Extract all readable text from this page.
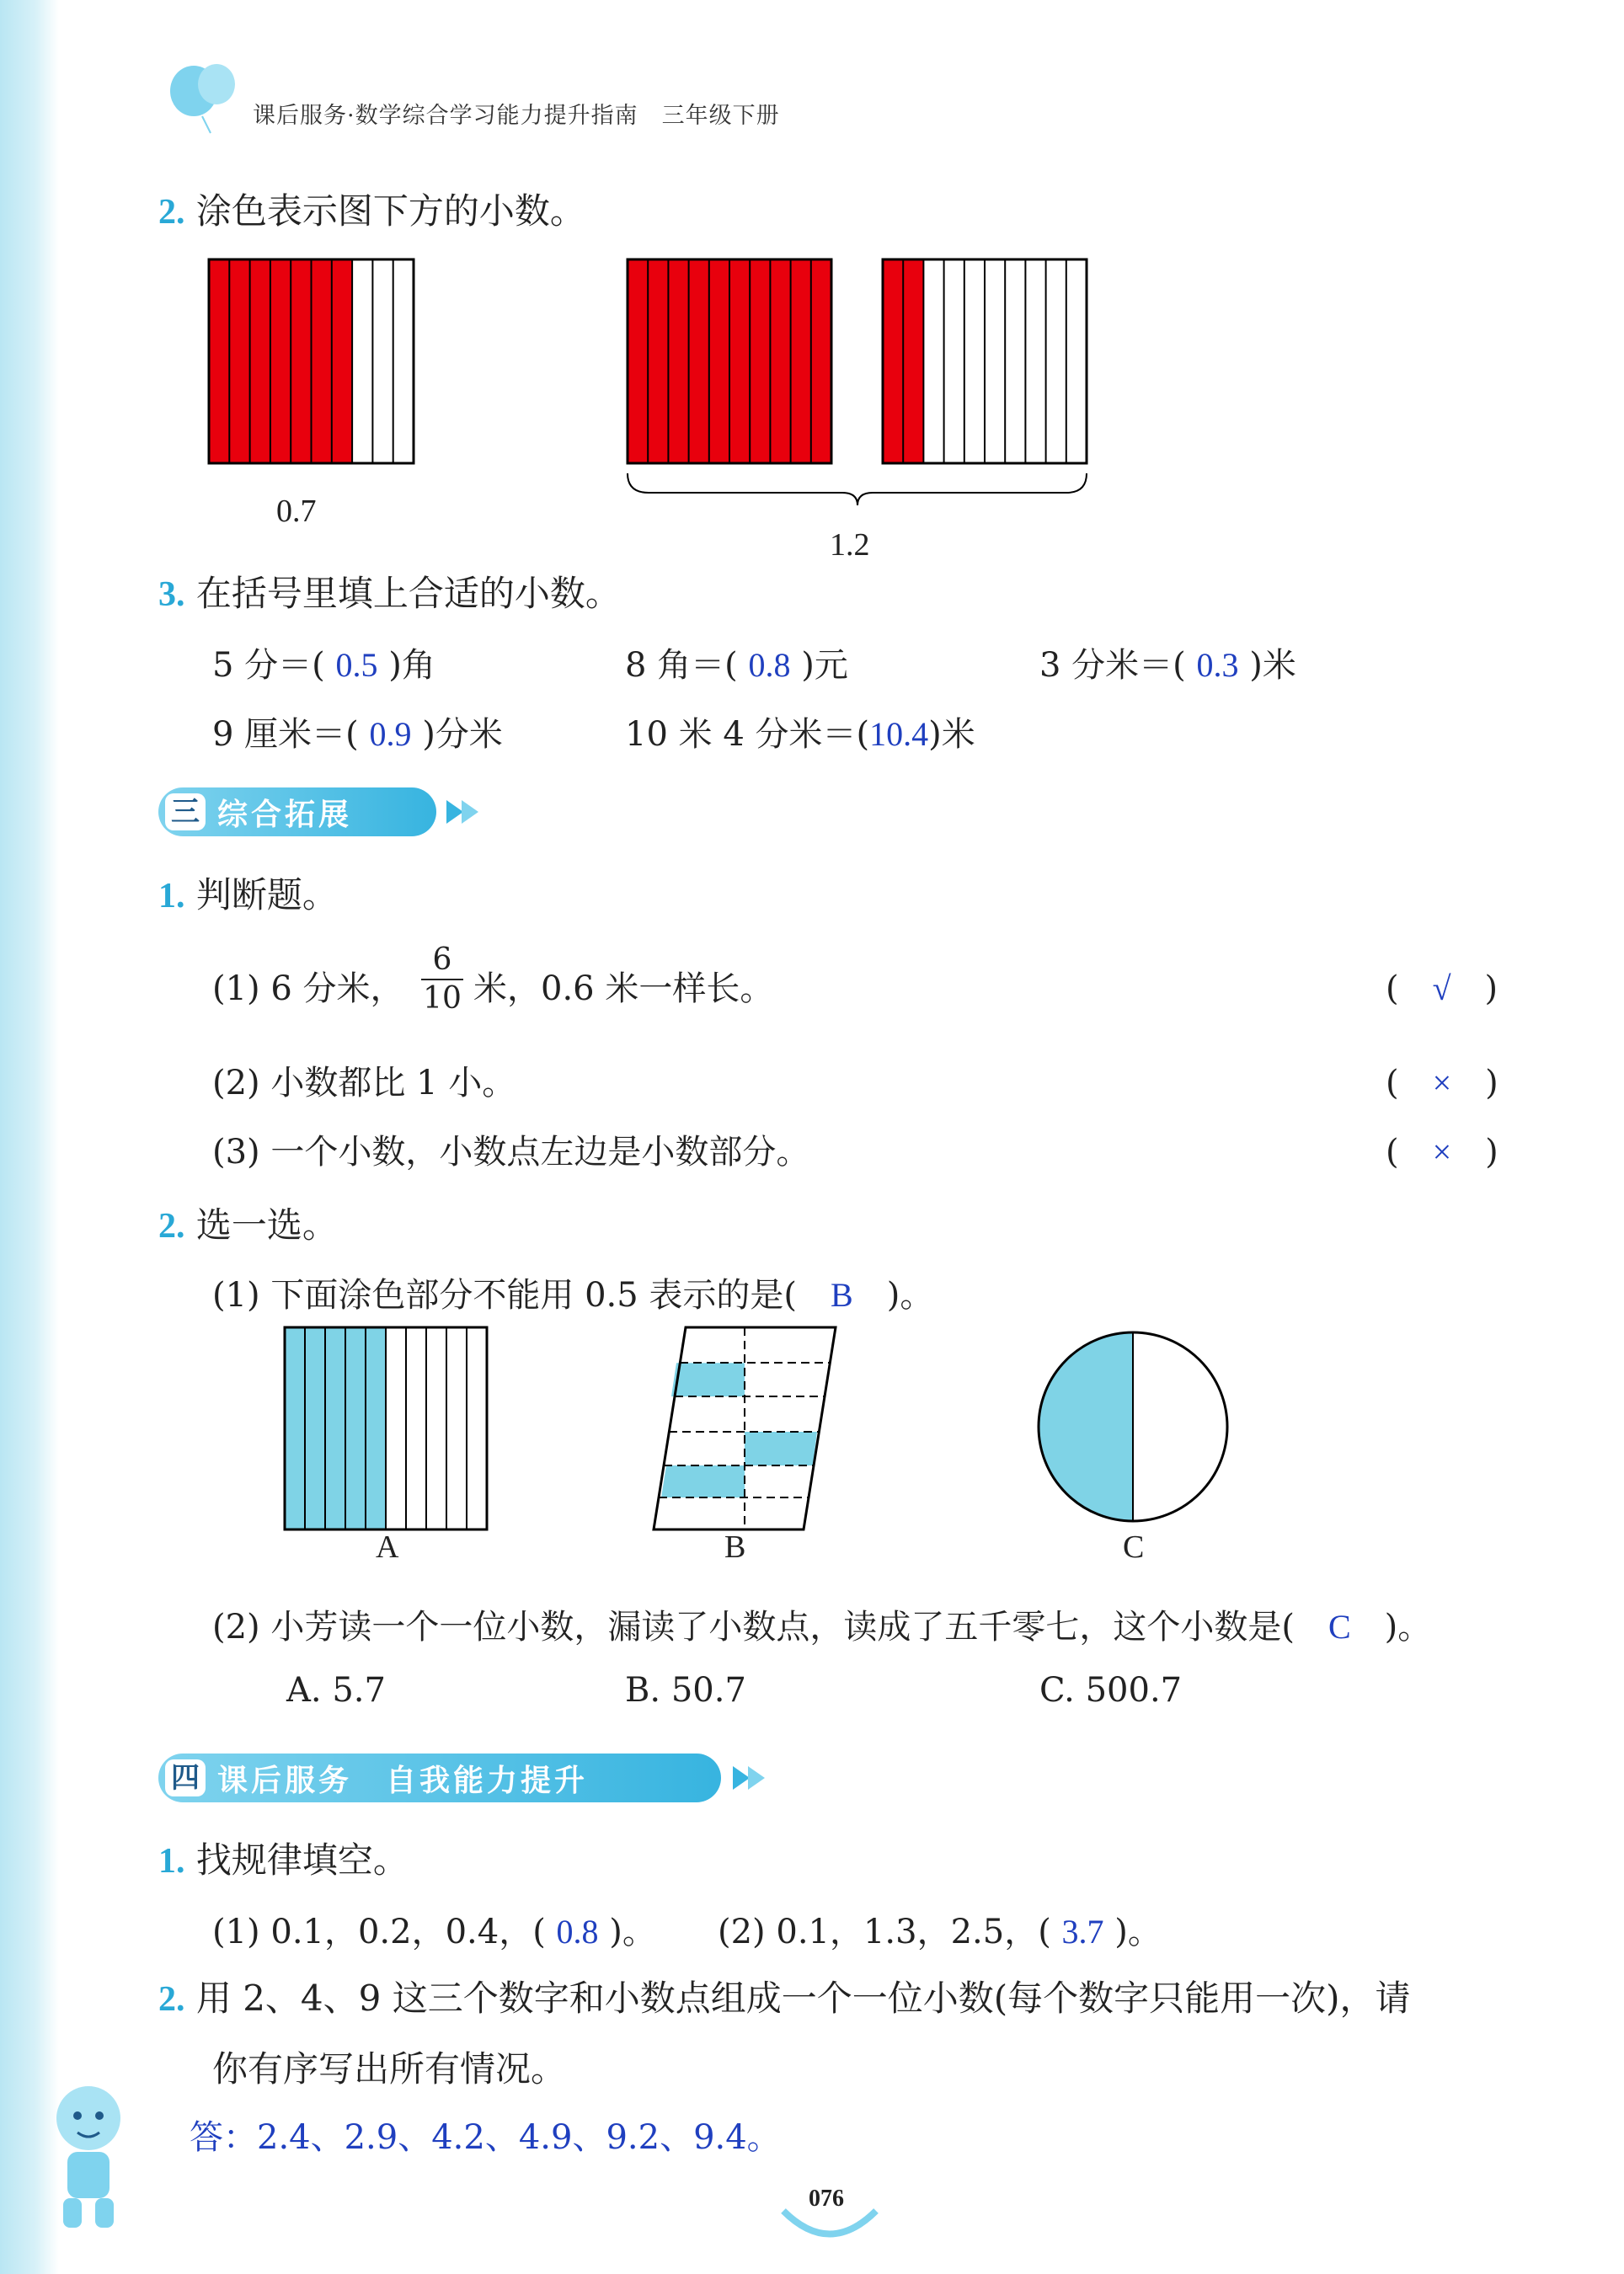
课后服务·数学综合学习能力提升指南　三年级下册
2. 涂色表示图下方的小数。
0.7
1.2
3. 在括号里填上合适的小数。
5 分＝( 0.5 )角	8 角＝( 0.8 )元	3 分米＝( 0.3 )米
9 厘米＝( 0.9 )分米	10 米 4 分米＝(10.4)米
三 综合拓展
1. 判断题。
(1) 6 分米，
6
10 米，0.6 米一样长。	(　√　)
(2) 小数都比 1 小。	(　×　)
(3) 一个小数，小数点左边是小数部分。	(　×　)
2. 选一选。
(1) 下面涂色部分不能用 0.5 表示的是(　 B　 )。
A	B	C
(2) 小芳读一个一位小数，漏读了小数点，读成了五千零七，这个小数是(　 C　 )。
A. 5.7	B. 50.7	C. 500.7
四 课后服务　自我能力提升
1. 找规律填空。
(1) 0.1，0.2，0.4，( 0.8 )。 (2) 0.1，1.3，2.5，( 3.7 )。
2. 用 2、4、9 这三个数字和小数点组成一个一位小数(每个数字只能用一次)，请
你有序写出所有情况。
答：2.4、2.9、4.2、4.9、9.2、9.4。
076
